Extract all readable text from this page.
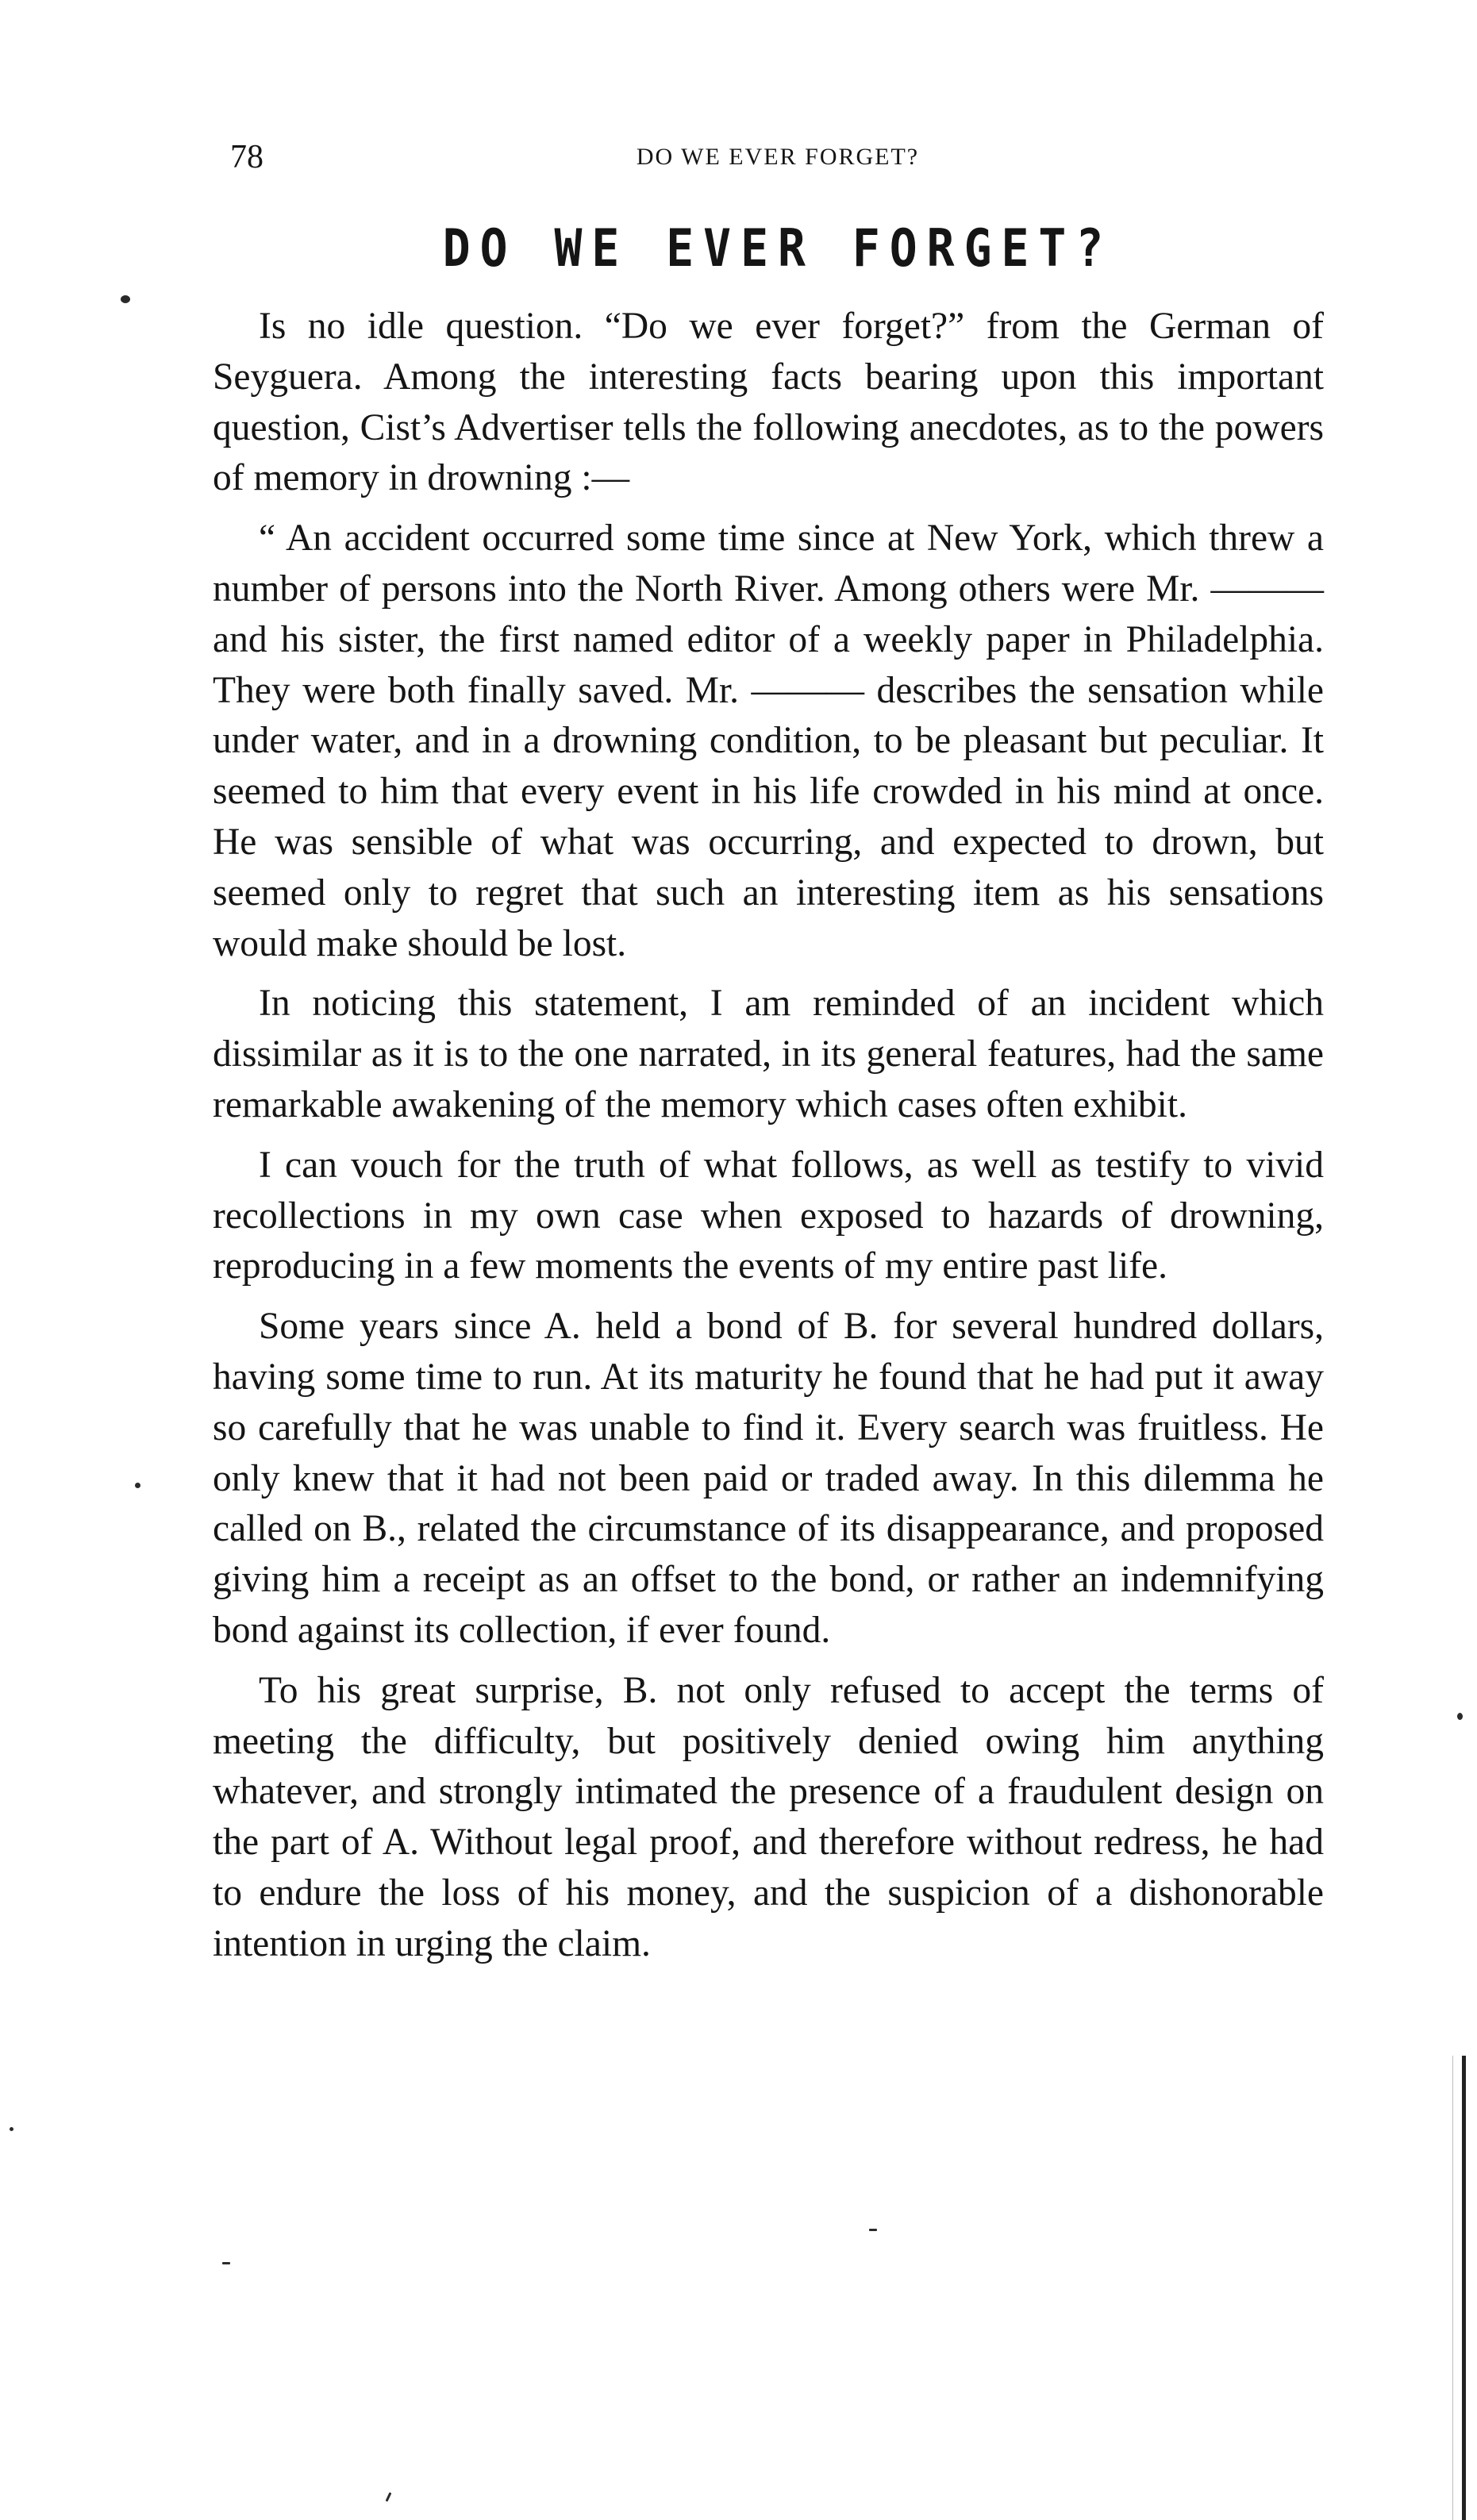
78	DO WE EVER FORGET?
DO WE EVER FORGET?

Is no idle question. “Do we ever forget?” from the German of Seyguera. Among the interesting facts bearing upon this important question, Cist’s Advertiser tells the following anecdotes, as to the powers of memory in drowning :—

“ An accident occurred some time since at New York, which threw a number of persons into the North River. Among others were Mr. ——— and his sister, the first named editor of a weekly paper in Philadelphia. They were both finally saved. Mr. ——— describes the sensation while under water, and in a drowning condition, to be pleasant but peculiar. It seemed to him that every event in his life crowded in his mind at once. He was sensible of what was occurring, and expected to drown, but seemed only to regret that such an interesting item as his sensations would make should be lost.

In noticing this statement, I am reminded of an incident which dissimilar as it is to the one narrated, in its general features, had the same remarkable awakening of the memory which cases often exhibit.

I can vouch for the truth of what follows, as well as testify to vivid recollections in my own case when exposed to hazards of drowning, reproducing in a few moments the events of my entire past life.

Some years since A. held a bond of B. for several hundred dollars, having some time to run. At its maturity he found that he had put it away so carefully that he was unable to find it. Every search was fruitless. He only knew that it had not been paid or traded away. In this dilemma he called on B., related the circumstance of its disappearance, and proposed giving him a receipt as an offset to the bond, or rather an indemnifying bond against its collection, if ever found.

To his great surprise, B. not only refused to accept the terms of meeting the difficulty, but positively denied owing him anything whatever, and strongly intimated the presence of a fraudulent design on the part of A. Without legal proof, and therefore without redress, he had to endure the loss of his money, and the suspicion of a dishonorable intention in urging the claim.
